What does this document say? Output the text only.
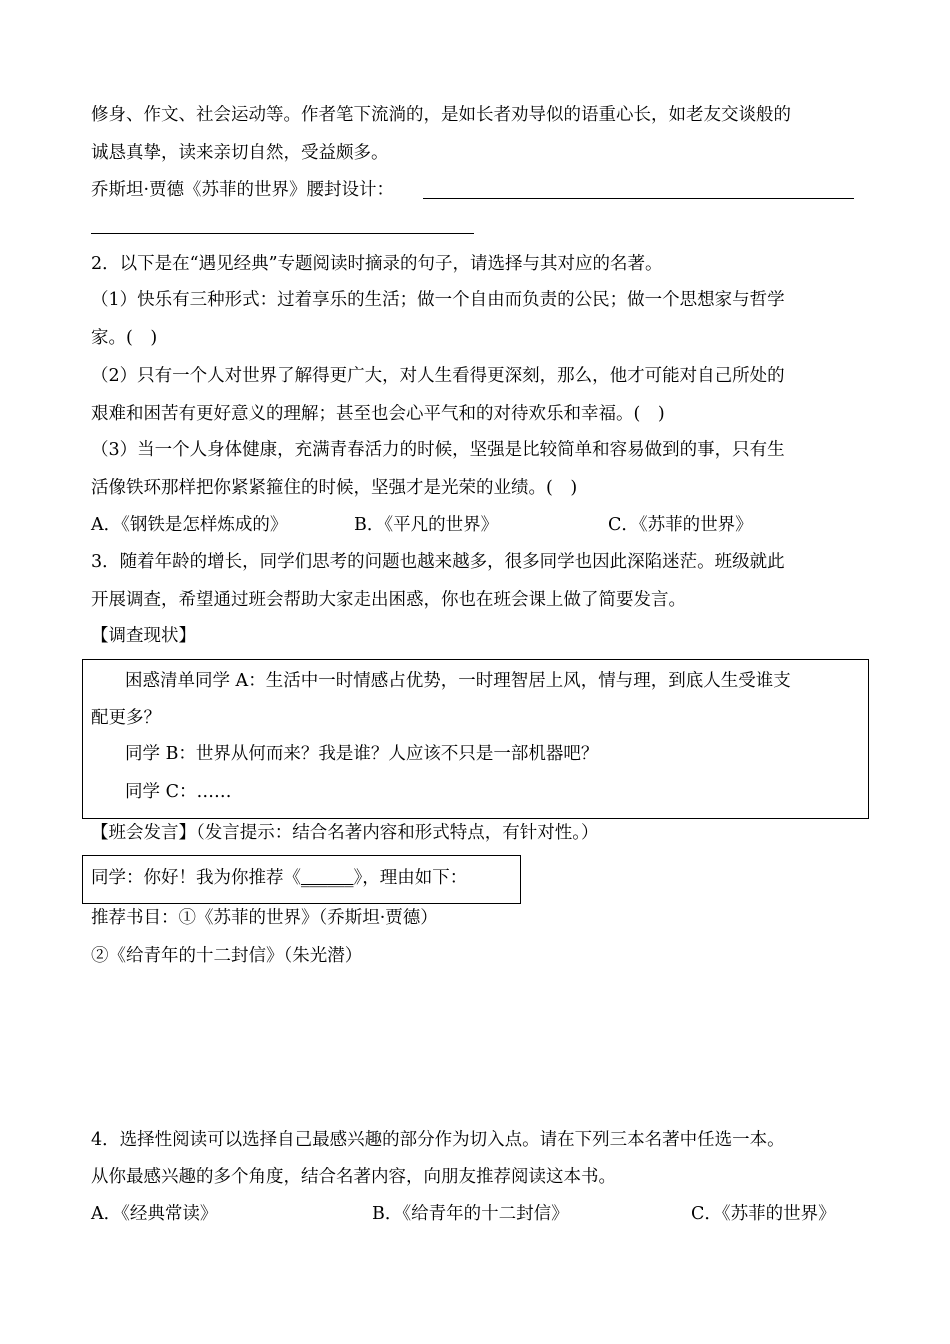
修身、作文、社会运动等。作者笔下流淌的，是如长者劝导似的语重心长，如老友交谈般的
诚恳真挚，读来亲切自然，受益颇多。
乔斯坦·贾德《苏菲的世界》腰封设计：
2．以下是在“遇见经典”专题阅读时摘录的句子，请选择与其对应的名著。
（1）快乐有三种形式：过着享乐的生活；做一个自由而负责的公民；做一个思想家与哲学
家。(　)
（2）只有一个人对世界了解得更广大，对人生看得更深刻，那么，他才可能对自己所处的
艰难和困苦有更好意义的理解；甚至也会心平气和的对待欢乐和幸福。(　)
（3）当一个人身体健康，充满青春活力的时候，坚强是比较简单和容易做到的事，只有生
活像铁环那样把你紧紧箍住的时候，坚强才是光荣的业绩。(　)
A．《钢铁是怎样炼成的》	B．《平凡的世界》	C．《苏菲的世界》
3．随着年龄的增长，同学们思考的问题也越来越多，很多同学也因此深陷迷茫。班级就此
开展调查，希望通过班会帮助大家走出困惑，你也在班会课上做了简要发言。
【调查现状】
困惑清单同学 A：生活中一时情感占优势，一时理智居上风，情与理，到底人生受谁支
配更多？
同学 B：世界从何而来？我是谁？人应该不只是一部机器吧？
同学 C：……
【班会发言】（发言提示：结合名著内容和形式特点，有针对性。）
同学：你好！我为你推荐《______》，理由如下：
推荐书目：①《苏菲的世界》（乔斯坦·贾德）
②《给青年的十二封信》（朱光潜）
4．选择性阅读可以选择自己最感兴趣的部分作为切入点。请在下列三本名著中任选一本。
从你最感兴趣的多个角度，结合名著内容，向朋友推荐阅读这本书。
A．《经典常读》	B．《给青年的十二封信》	C．《苏菲的世界》
